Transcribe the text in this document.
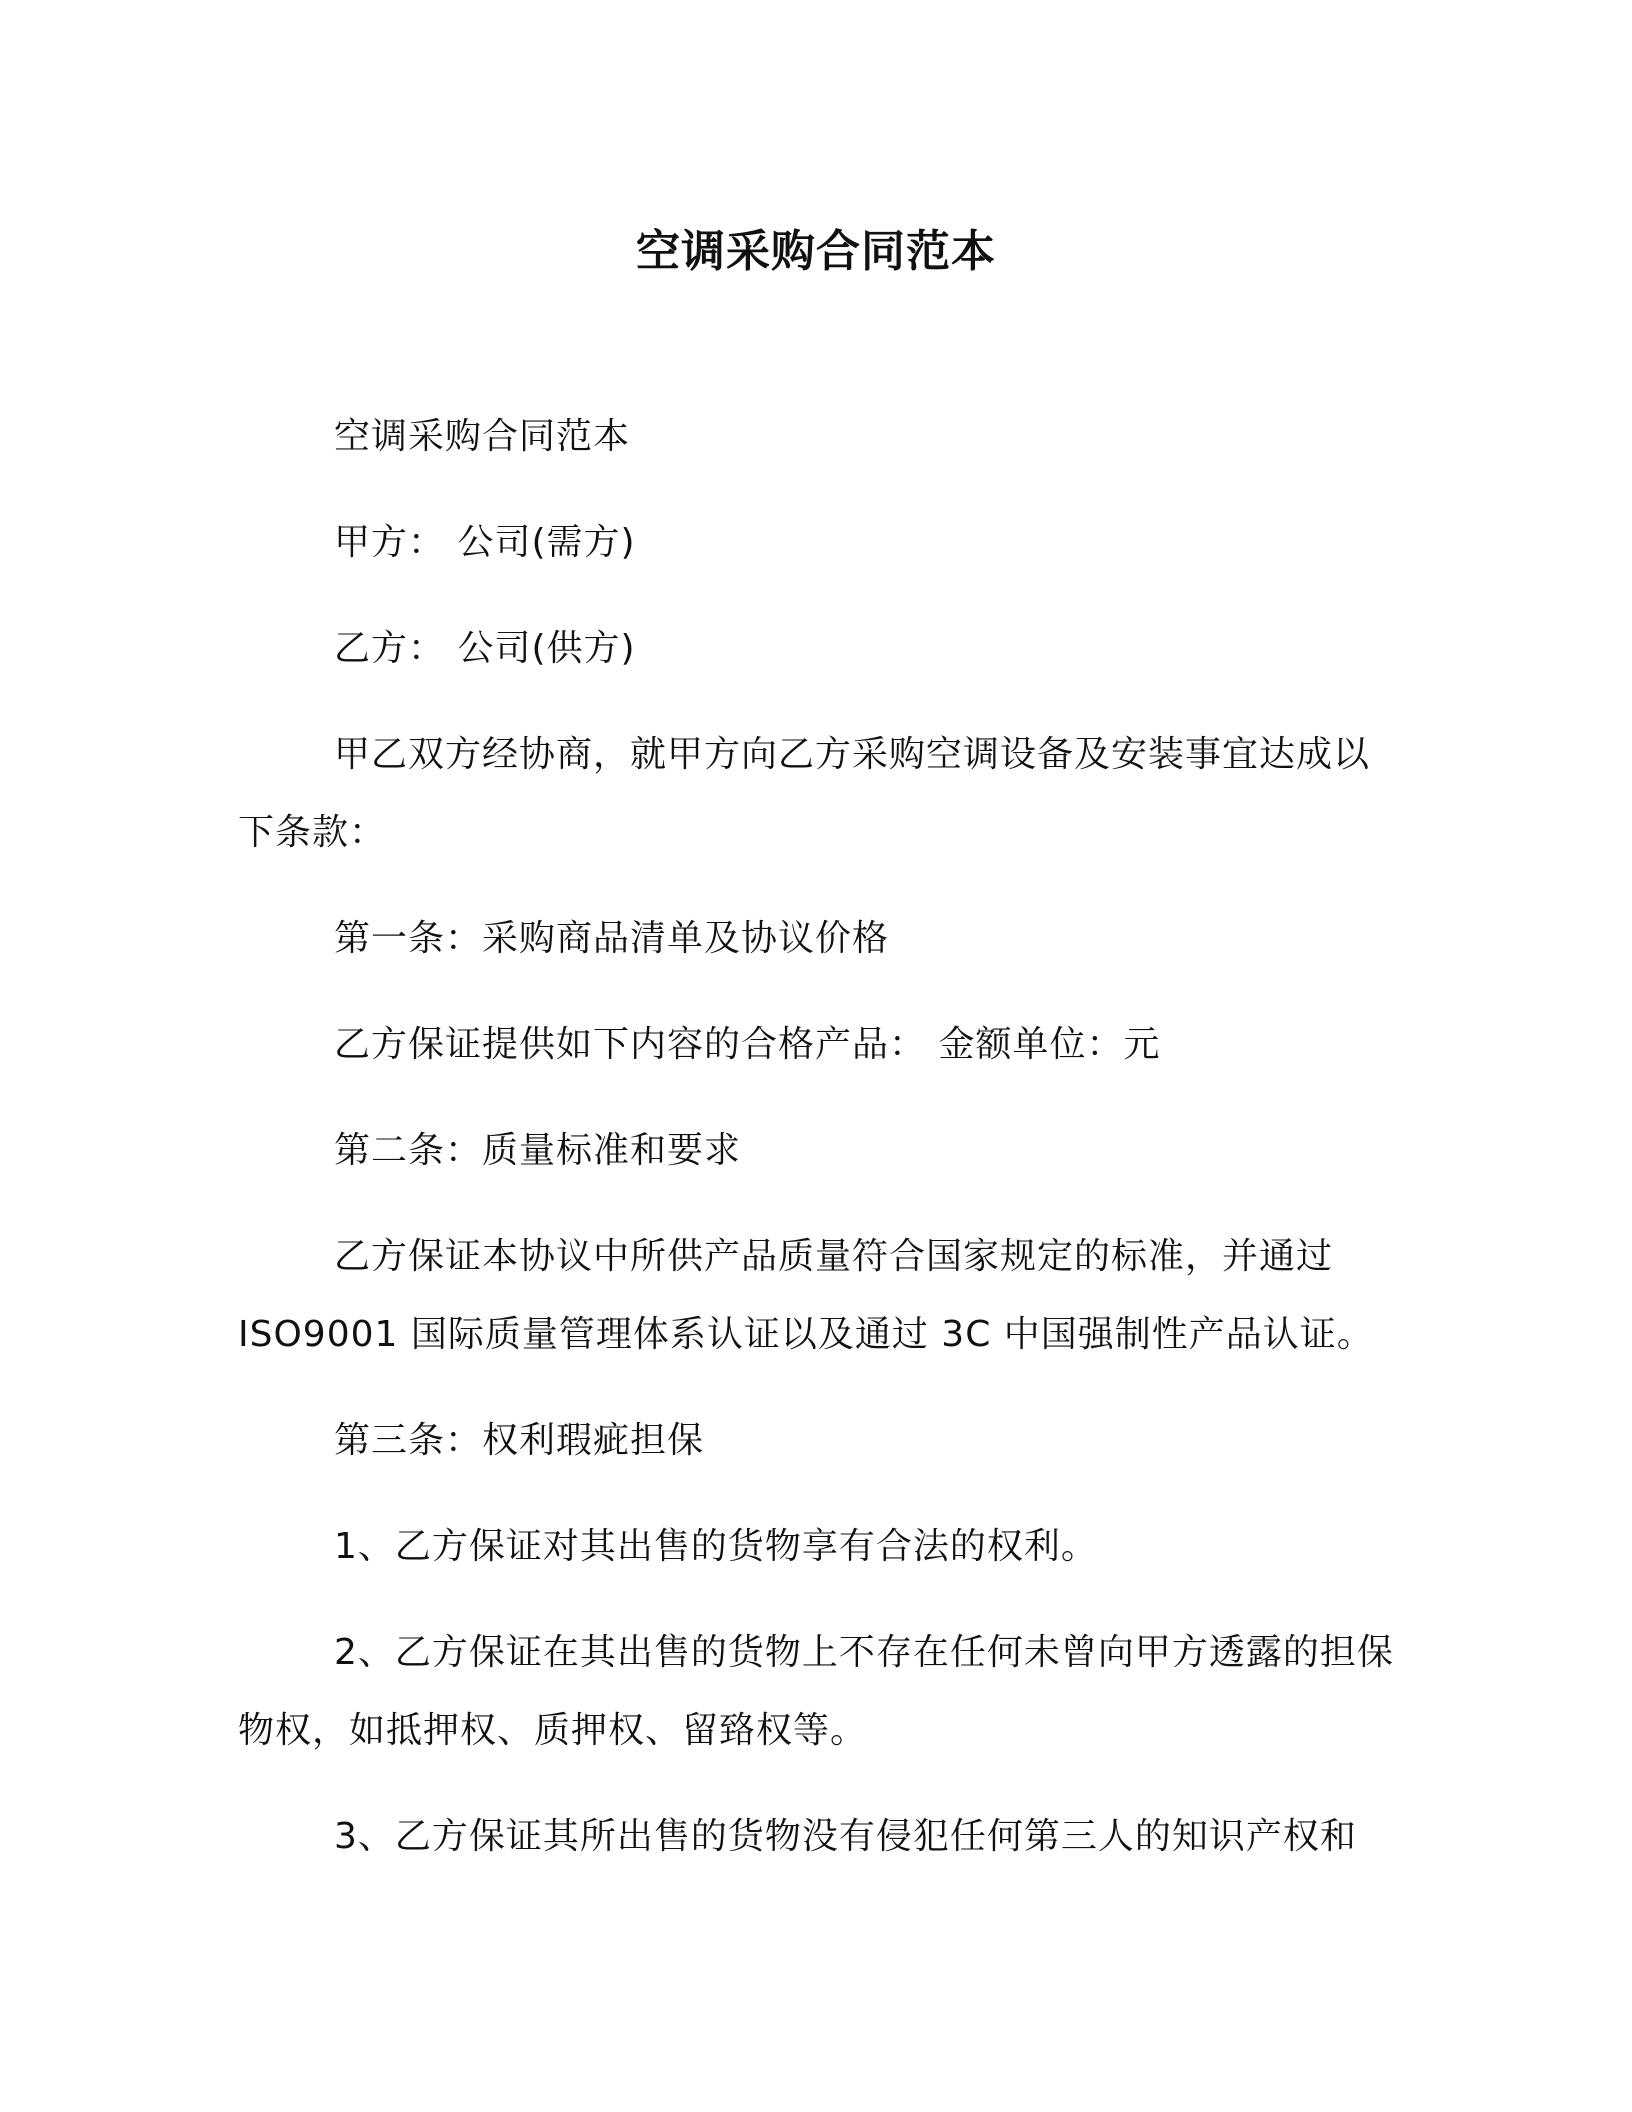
空调采购合同范本

空调采购合同范本

甲方： 公司(需方)

乙方： 公司(供方)

甲乙双方经协商，就甲方向乙方采购空调设备及安装事宜达成以下条款：

第一条：采购商品清单及协议价格

乙方保证提供如下内容的合格产品： 金额单位：元

第二条：质量标准和要求

乙方保证本协议中所供产品质量符合国家规定的标准，并通过 ISO9001 国际质量管理体系认证以及通过 3C 中国强制性产品认证。

第三条：权利瑕疵担保

1、乙方保证对其出售的货物享有合法的权利。

2、乙方保证在其出售的货物上不存在任何未曾向甲方透露的担保物权，如抵押权、质押权、留臵权等。

3、乙方保证其所出售的货物没有侵犯任何第三人的知识产权和
